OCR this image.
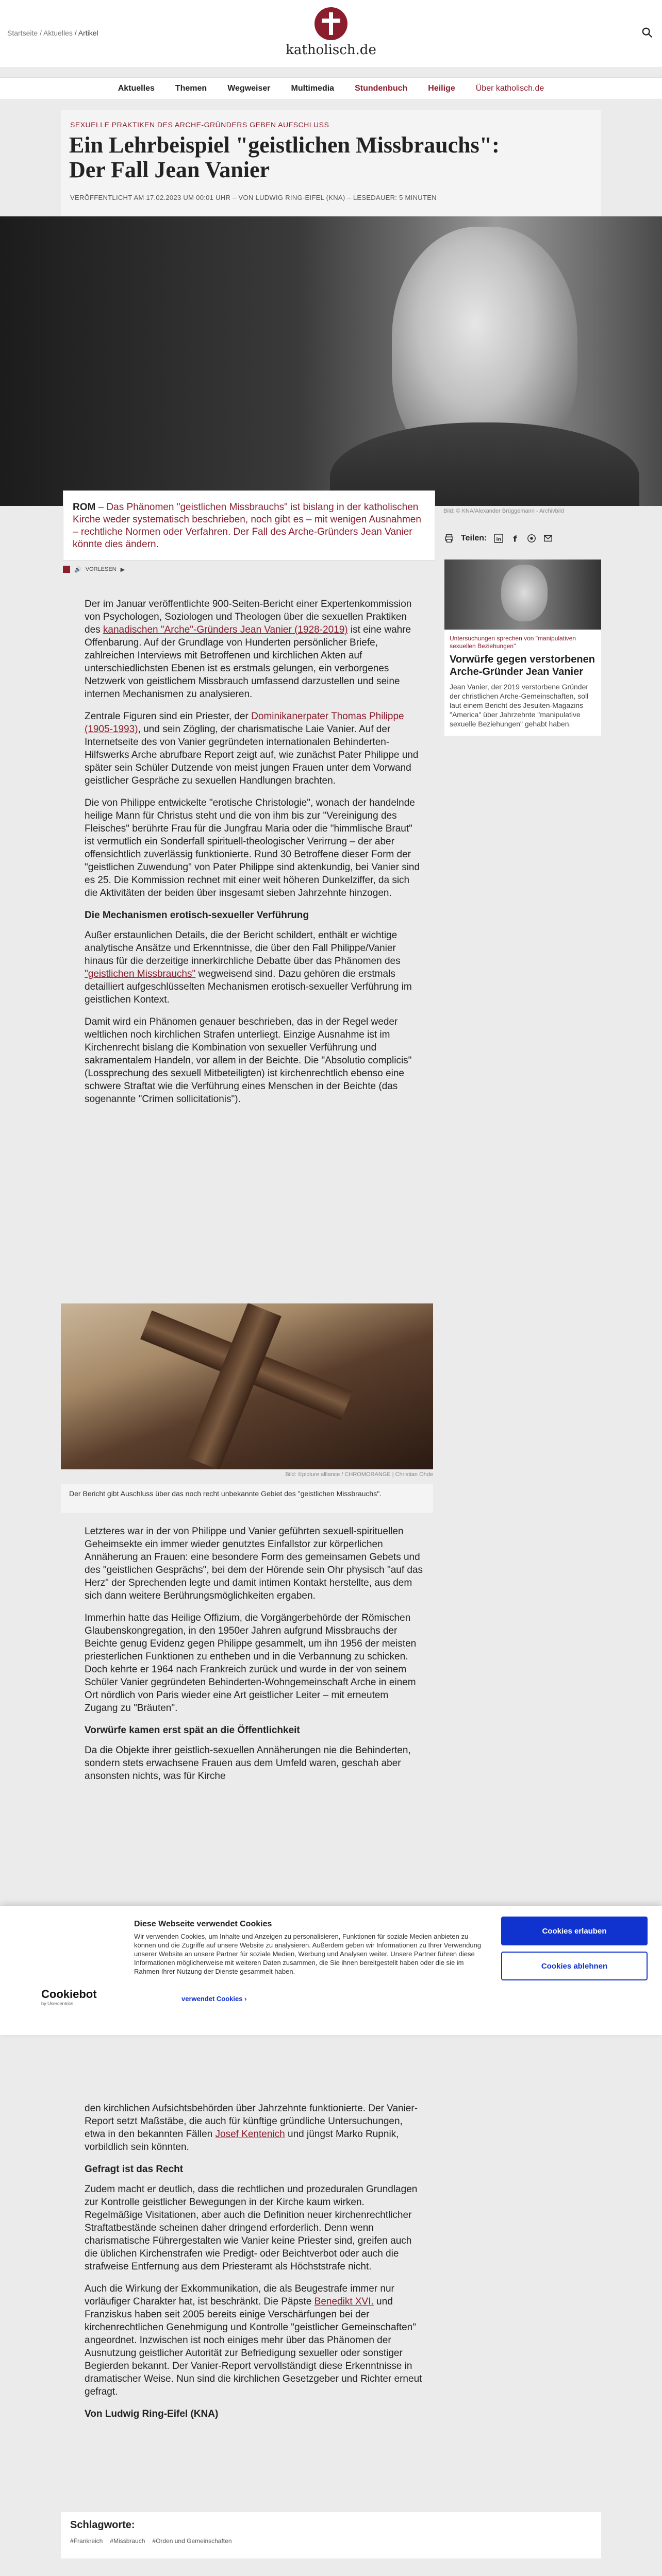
Startseite / Aktuelles / Artikel
katholisch.de
Aktuelles	Themen	Wegweiser	Multimedia	Stundenbuch	Heilige	Über katholisch.de
SEXUELLE PRAKTIKEN DES ARCHE-GRÜNDERS GEBEN AUFSCHLUSS
Ein Lehrbeispiel "geistlichen Missbrauchs": Der Fall Jean Vanier
VERÖFFENTLICHT AM 17.02.2023 UM 00:01 UHR – VON LUDWIG RING-EIFEL (KNA) – LESEDAUER: 5 MINUTEN
Bild: © KNA/Alexander Brüggemann - Archivbild
ROM – Das Phänomen "geistlichen Missbrauchs" ist bislang in der katholischen Kirche weder systematisch beschrieben, noch gibt es – mit wenigen Ausnahmen – rechtliche Normen oder Verfahren. Der Fall des Arche-Gründers Jean Vanier könnte dies ändern.
🔊 VORLESEN ▶
Teilen: in f
Untersuchungen sprechen von "manipulativen sexuellen Beziehungen"
Vorwürfe gegen verstorbenen Arche-Gründer Jean Vanier
Jean Vanier, der 2019 verstorbene Gründer der christlichen Arche-Gemeinschaften, soll laut einem Bericht des Jesuiten-Magazins "America" über Jahrzehnte "manipulative sexuelle Beziehungen" gehabt haben.

Der im Januar veröffentlichte 900-Seiten-Bericht einer Expertenkommission von Psychologen, Soziologen und Theologen über die sexuellen Praktiken des kanadischen "Arche"-Gründers Jean Vanier (1928-2019) ist eine wahre Offenbarung. Auf der Grundlage von Hunderten persönlicher Briefe, zahlreichen Interviews mit Betroffenen und kirchlichen Akten auf unterschiedlichsten Ebenen ist es erstmals gelungen, ein verborgenes Netzwerk von geistlichem Missbrauch umfassend darzustellen und seine internen Mechanismen zu analysieren.

Zentrale Figuren sind ein Priester, der Dominikanerpater Thomas Philippe (1905-1993), und sein Zögling, der charismatische Laie Vanier. Auf der Internetseite des von Vanier gegründeten internationalen Behinderten-Hilfswerks Arche abrufbare Report zeigt auf, wie zunächst Pater Philippe und später sein Schüler Dutzende von meist jungen Frauen unter dem Vorwand geistlicher Gespräche zu sexuellen Handlungen brachten.

Die von Philippe entwickelte "erotische Christologie", wonach der handelnde heilige Mann für Christus steht und die von ihm bis zur "Vereinigung des Fleisches" berührte Frau für die Jungfrau Maria oder die "himmlische Braut" ist vermutlich ein Sonderfall spirituell-theologischer Verirrung – der aber offensichtlich zuverlässig funktionierte. Rund 30 Betroffene dieser Form der "geistlichen Zuwendung" von Pater Philippe sind aktenkundig, bei Vanier sind es 25. Die Kommission rechnet mit einer weit höheren Dunkelziffer, da sich die Aktivitäten der beiden über insgesamt sieben Jahrzehnte hinzogen.

Die Mechanismen erotisch-sexueller Verführung

Außer erstaunlichen Details, die der Bericht schildert, enthält er wichtige analytische Ansätze und Erkenntnisse, die über den Fall Philippe/Vanier hinaus für die derzeitige innerkirchliche Debatte über das Phänomen des "geistlichen Missbrauchs" wegweisend sind. Dazu gehören die erstmals detailliert aufgeschlüsselten Mechanismen erotisch-sexueller Verführung im geistlichen Kontext.

Damit wird ein Phänomen genauer beschrieben, das in der Regel weder weltlichen noch kirchlichen Strafen unterliegt. Einzige Ausnahme ist im Kirchenrecht bislang die Kombination von sexueller Verführung und sakramentalem Handeln, vor allem in der Beichte. Die "Absolutio complicis" (Lossprechung des sexuell Mitbeteiligten) ist kirchenrechtlich ebenso eine schwere Straftat wie die Verführung eines Menschen in der Beichte (das sogenannte "Crimen sollicitationis").

Bild: ©picture alliance / CHROMORANGE | Christian Ohde
Der Bericht gibt Auschluss über das noch recht unbekannte Gebiet des "geistlichen Missbrauchs".

Letzteres war in der von Philippe und Vanier geführten sexuell-spirituellen Geheimsekte ein immer wieder genutztes Einfallstor zur körperlichen Annäherung an Frauen: eine besondere Form des gemeinsamen Gebets und des "geistlichen Gesprächs", bei dem der Hörende sein Ohr physisch "auf das Herz" der Sprechenden legte und damit intimen Kontakt herstellte, aus dem sich dann weitere Berührungsmöglichkeiten ergaben.

Immerhin hatte das Heilige Offizium, die Vorgängerbehörde der Römischen Glaubenskongregation, in den 1950er Jahren aufgrund Missbrauchs der Beichte genug Evidenz gegen Philippe gesammelt, um ihn 1956 der meisten priesterlichen Funktionen zu entheben und in die Verbannung zu schicken. Doch kehrte er 1964 nach Frankreich zurück und wurde in der von seinem Schüler Vanier gegründeten Behinderten-Wohngemeinschaft Arche in einem Ort nördlich von Paris wieder eine Art geistlicher Leiter – mit erneutem Zugang zu "Bräuten".

Vorwürfe kamen erst spät an die Öffentlichkeit

Da die Objekte ihrer geistlich-sexuellen Annäherungen nie die Behinderten, sondern stets erwachsene Frauen aus dem Umfeld waren, geschah aber ansonsten nichts, was für Kirche

Cookiebot
by Usercentrics
Diese Webseite verwendet Cookies
Wir verwenden Cookies, um Inhalte und Anzeigen zu personalisieren, Funktionen für soziale Medien anbieten zu können und die Zugriffe auf unsere Website zu analysieren. Außerdem geben wir Informationen zu Ihrer Verwendung unserer Website an unsere Partner für soziale Medien, Werbung und Analysen weiter. Unsere Partner führen diese Informationen möglicherweise mit weiteren Daten zusammen, die Sie ihnen bereitgestellt haben oder die sie im Rahmen Ihrer Nutzung der Dienste gesammelt haben.
verwendet Cookies ›
Cookies erlauben
Cookies ablehnen

den kirchlichen Aufsichtsbehörden über Jahrzehnte funktionierte. Der Vanier-Report setzt Maßstäbe, die auch für künftige gründliche Untersuchungen, etwa in den bekannten Fällen Josef Kentenich und jüngst Marko Rupnik, vorbildlich sein könnten.

Gefragt ist das Recht

Zudem macht er deutlich, dass die rechtlichen und prozeduralen Grundlagen zur Kontrolle geistlicher Bewegungen in der Kirche kaum wirken. Regelmäßige Visitationen, aber auch die Definition neuer kirchenrechtlicher Straftatbestände scheinen daher dringend erforderlich. Denn wenn charismatische Führergestalten wie Vanier keine Priester sind, greifen auch die üblichen Kirchenstrafen wie Predigt- oder Beichtverbot oder auch die strafweise Entfernung aus dem Priesteramt als Höchststrafe nicht.

Auch die Wirkung der Exkommunikation, die als Beugestrafe immer nur vorläufiger Charakter hat, ist beschränkt. Die Päpste Benedikt XVI. und Franziskus haben seit 2005 bereits einige Verschärfungen bei der kirchenrechtlichen Genehmigung und Kontrolle "geistlicher Gemeinschaften" angeordnet. Inzwischen ist noch einiges mehr über das Phänomen der Ausnutzung geistlicher Autorität zur Befriedigung sexueller oder sonstiger Begierden bekannt. Der Vanier-Report vervollständigt diese Erkenntnisse in dramatischer Weise. Nun sind die kirchlichen Gesetzgeber und Richter erneut gefragt.

Von Ludwig Ring-Eifel (KNA)
Schlagworte:
#Frankreich #Missbrauch #Orden und Gemeinschaften
